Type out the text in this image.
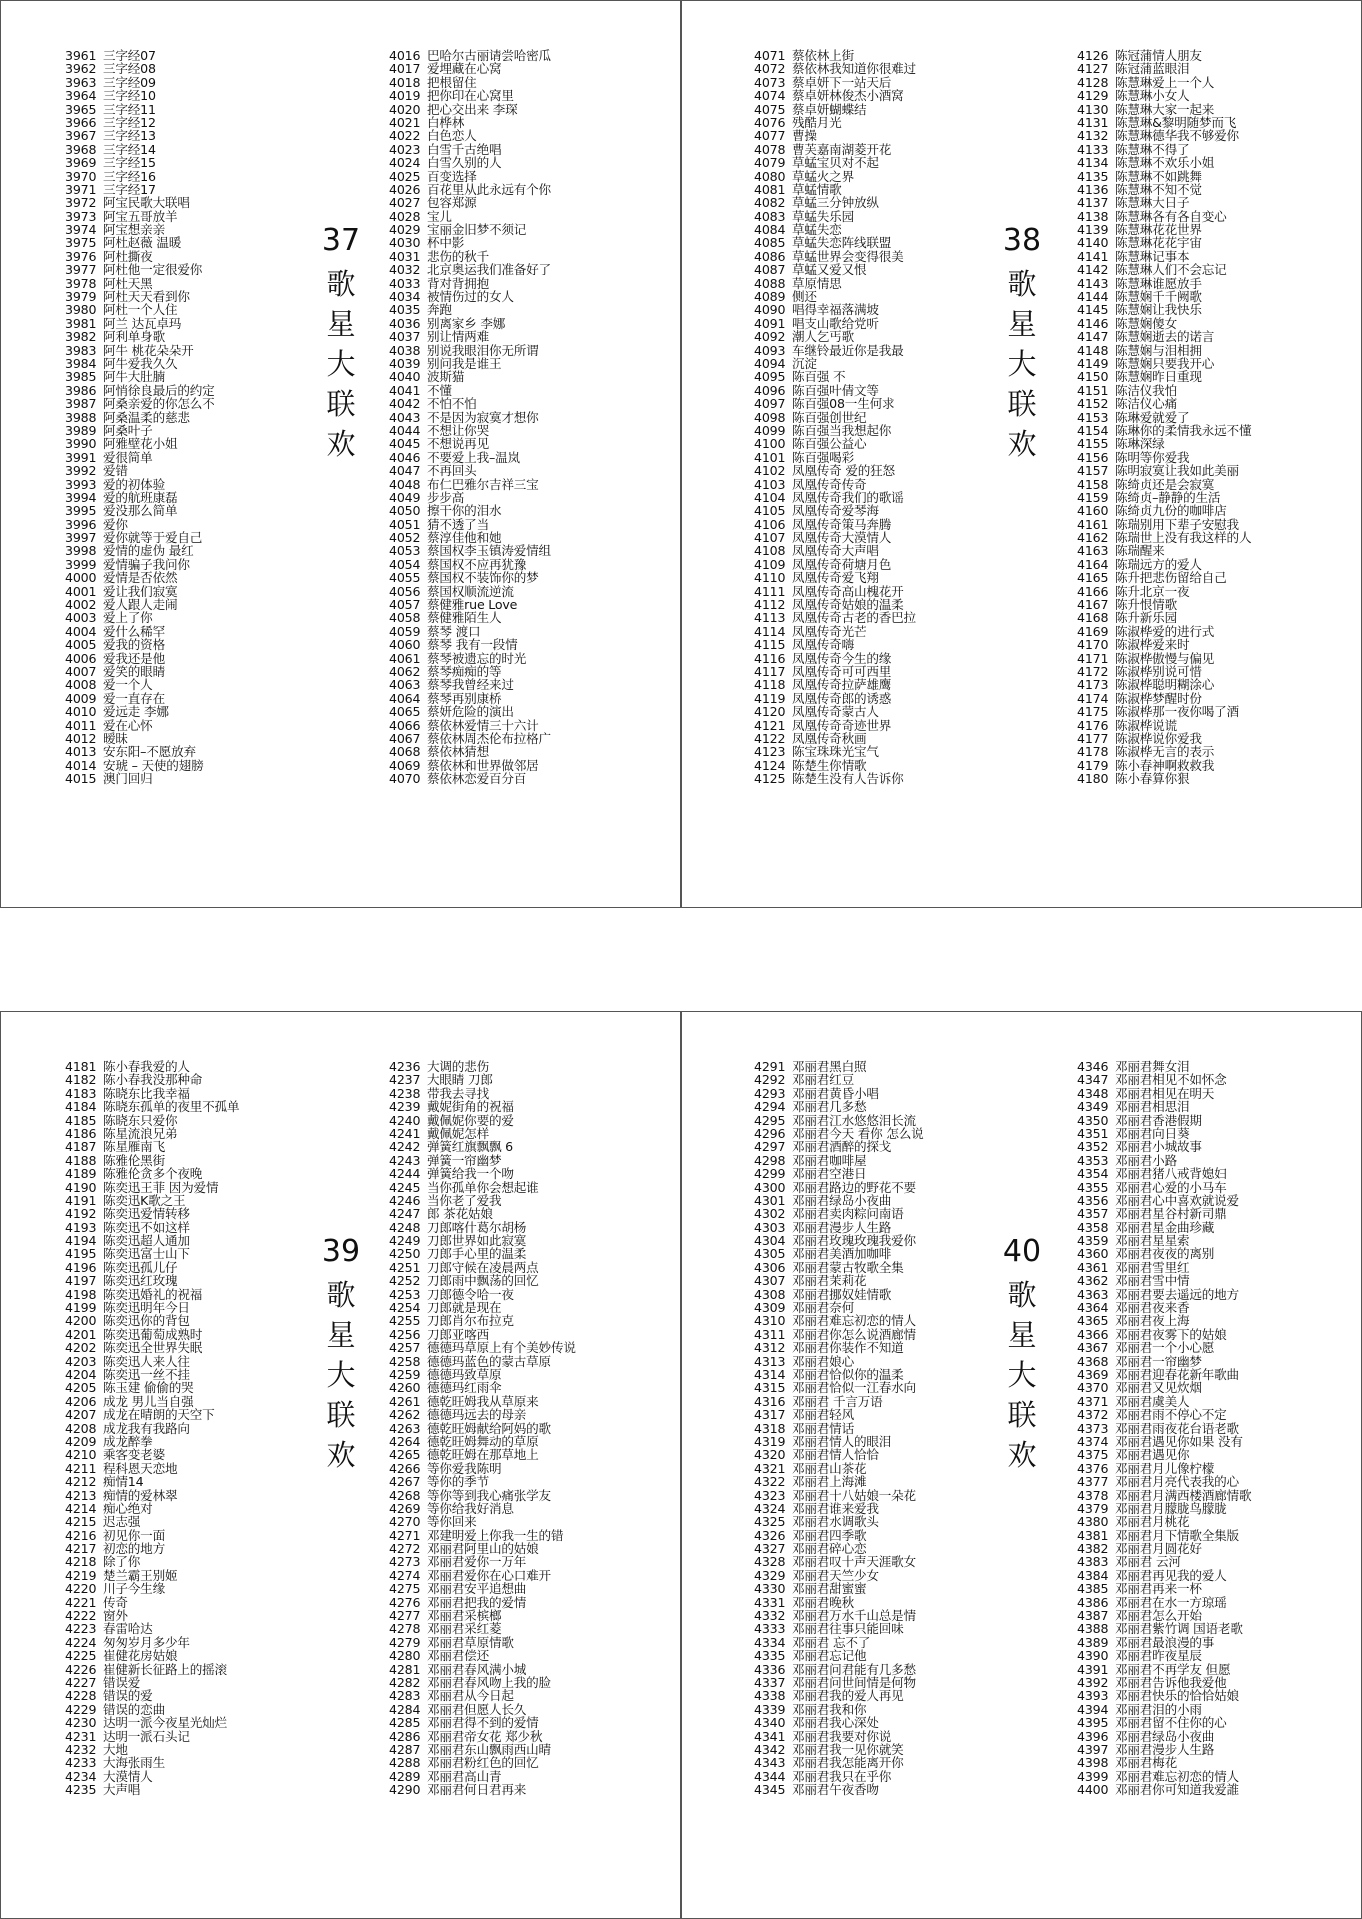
3961 三字经07
3962 三字经08
3963 三字经09
3964 三字经10
3965 三字经11
3966 三字经12
3967 三字经13
3968 三字经14
3969 三字经15
3970 三字经16
3971 三字经17
3972 阿宝民歌大联唱
3973 阿宝五哥放羊
3974 阿宝想亲亲
3975 阿杜赵薇 温暖
3976 阿杜撕夜
3977 阿杜他一定很爱你
3978 阿杜天黑
3979 阿杜天天看到你
3980 阿杜一个人住
3981 阿兰 达瓦卓玛
3982 阿利单身歌
3983 阿牛 桃花朵朵开
3984 阿牛爱我久久
3985 阿牛大肚腩
3986 阿悄徐良最后的约定
3987 阿桑亲爱的你怎么不
3988 阿桑温柔的慈悲
3989 阿桑叶子
3990 阿雅壁花小姐
3991 爱很简单
3992 爱错
3993 爱的初体验
3994 爱的航班康磊
3995 爱没那么简单
3996 爱你
3997 爱你就等于爱自己
3998 爱情的虚伪 最红
3999 爱情骗子我问你
4000 爱情是否依然
4001 爱让我们寂寞
4002 爱人跟人走闹
4003 爱上了你
4004 爱什么稀罕
4005 爱我的资格
4006 爱我还是他
4007 爱笑的眼睛
4008 爱一个人
4009 爱一直存在
4010 爱远走 李娜
4011 爱在心怀
4012 暧昧
4013 安东阳–不愿放弃
4014 安琥 – 天使的翅膀
4015 澳门回归
4016 巴哈尔古丽请尝哈密瓜
4017 爱埋藏在心窝
4018 把根留住
4019 把你印在心窝里
4020 把心交出来 李琛
4021 白桦林
4022 白色恋人
4023 白雪千古绝唱
4024 白雪久别的人
4025 百变选择
4026 百花里从此永远有个你
4027 包容郑源
4028 宝儿
4029 宝丽金旧梦不须记
4030 杯中影
4031 悲伤的秋千
4032 北京奥运我们准备好了
4033 背对背拥抱
4034 被情伤过的女人
4035 奔跑
4036 别离家乡 李娜
4037 别让情两难
4038 别说我眼泪你无所谓
4039 别问我是谁王
4040 波斯猫
4041 不懂
4042 不怕不怕
4043 不是因为寂寞才想你
4044 不想让你哭
4045 不想说再见
4046 不要爱上我–温岚
4047 不再回头
4048 布仁巴雅尔吉祥三宝
4049 步步高
4050 擦干你的泪水
4051 猜不透了当
4052 蔡淳佳他和她
4053 蔡国权李玉镇涛爱情组
4054 蔡国权不应再犹豫
4055 蔡国权不装饰你的梦
4056 蔡国权顺流逆流
4057 蔡健雅rue Love
4058 蔡健雅陌生人
4059 蔡琴 渡口
4060 蔡琴 我有一段情
4061 蔡琴被遗忘的时光
4062 蔡琴痴痴的等
4063 蔡琴我曾经来过
4064 蔡琴再别康桥
4065 蔡妍危险的演出
4066 蔡依林爱情三十六计
4067 蔡依林周杰伦布拉格广
4068 蔡依林猜想
4069 蔡依林和世界做邻居
4070 蔡依林恋爱百分百
37
歌
星
大
联
欢
4071 蔡依林上街
4072 蔡依林我知道你很难过
4073 蔡卓妍下一站天后
4074 蔡卓妍林俊杰小酒窝
4075 蔡卓妍蝴蝶结
4076 残酷月光
4077 曹操
4078 曹芙嘉南湖菱开花
4079 草蜢宝贝对不起
4080 草蜢火之界
4081 草蜢情歌
4082 草蜢三分钟放纵
4083 草蜢失乐园
4084 草蜢失恋
4085 草蜢失恋阵线联盟
4086 草蜢世界会变得很美
4087 草蜢又爱又恨
4088 草原情思
4089 侧还
4090 唱得幸福落满坡
4091 唱支山歌给党听
4092 潮人乞丐歌
4093 车继铃最近你是我最
4094 沉淀
4095 陈百强 不
4096 陈百强叶倩文等
4097 陈百强08一生何求
4098 陈百强创世纪
4099 陈百强当我想起你
4100 陈百强公益心
4101 陈百强喝彩
4102 凤凰传奇 爱的狂怒
4103 凤凰传奇传奇
4104 凤凰传奇我们的歌谣
4105 凤凰传奇爱琴海
4106 凤凰传奇策马奔腾
4107 凤凰传奇大漠情人
4108 凤凰传奇大声唱
4109 凤凰传奇荷塘月色
4110 凤凰传奇爱飞翔
4111 凤凰传奇高山槐花开
4112 凤凰传奇姑娘的温柔
4113 凤凰传奇古老的香巴拉
4114 凤凰传奇光芒
4115 凤凰传奇嗨
4116 凤凰传奇今生的缘
4117 凤凰传奇可可西里
4118 凤凰传奇拉萨雄鹰
4119 凤凰传奇郎的诱惑
4120 凤凰传奇蒙古人
4121 凤凰传奇奇迹世界
4122 凤凰传奇秋画
4123 陈宝珠珠光宝气
4124 陈楚生你情歌
4125 陈楚生没有人告诉你
4126 陈冠蒲情人朋友
4127 陈冠蒲蓝眼泪
4128 陈慧琳爱上一个人
4129 陈慧琳小女人
4130 陈慧琳大家一起来
4131 陈慧琳&黎明随梦而飞
4132 陈慧琳德华我不够爱你
4133 陈慧琳不得了
4134 陈慧琳不欢乐小姐
4135 陈慧琳不如跳舞
4136 陈慧琳不知不觉
4137 陈慧琳大日子
4138 陈慧琳各有各自变心
4139 陈慧琳花花世界
4140 陈慧琳花花宇宙
4141 陈慧琳记事本
4142 陈慧琳人们不会忘记
4143 陈慧琳谁愿放手
4144 陈慧娴千千阙歌
4145 陈慧娴让我快乐
4146 陈慧娴傻女
4147 陈慧娴逝去的诺言
4148 陈慧娴与泪相拥
4149 陈慧娴只要我开心
4150 陈慧娴昨日重现
4151 陈洁仪我怕
4152 陈洁仪心痛
4153 陈琳爱就爱了
4154 陈琳你的柔情我永远不懂
4155 陈琳深绿
4156 陈明等你爱我
4157 陈明寂寞让我如此美丽
4158 陈绮贞还是会寂寞
4159 陈绮贞–静静的生活
4160 陈绮贞九份的咖啡店
4161 陈瑞别用下辈子安慰我
4162 陈瑞世上没有我这样的人
4163 陈瑞醒来
4164 陈瑞远方的爱人
4165 陈升把悲伤留给自己
4166 陈升北京一夜
4167 陈升恨情歌
4168 陈升新乐园
4169 陈淑桦爱的进行式
4170 陈淑桦爱来时
4171 陈淑桦傲慢与偏见
4172 陈淑桦别说可惜
4173 陈淑桦聪明糊涂心
4174 陈淑桦梦醒时份
4175 陈淑桦那一夜你喝了酒
4176 陈淑桦说谎
4177 陈淑桦说你爱我
4178 陈淑桦无言的表示
4179 陈小春神啊救救我
4180 陈小春算你狠
38
歌
星
大
联
欢
4181 陈小春我爱的人
4182 陈小春我没那种命
4183 陈晓东比我幸福
4184 陈晓东孤单的夜里不孤单
4185 陈晓东只爱你
4186 陈星流浪兄弟
4187 陈星雁南飞
4188 陈雅伦黑街
4189 陈雅伦贪多个夜晚
4190 陈奕迅王菲 因为爱情
4191 陈奕迅K歌之王
4192 陈奕迅爱情转移
4193 陈奕迅不如这样
4194 陈奕迅超人通加
4195 陈奕迅富士山下
4196 陈奕迅孤儿仔
4197 陈奕迅红玫瑰
4198 陈奕迅婚礼的祝福
4199 陈奕迅明年今日
4200 陈奕迅你的背包
4201 陈奕迅葡萄成熟时
4202 陈奕迅全世界失眠
4203 陈奕迅人来人往
4204 陈奕迅一丝不挂
4205 陈玉建 偷偷的哭
4206 成龙 男儿当自强
4207 成龙在晴朗的天空下
4208 成龙我有我路向
4209 成龙醉拳
4210 乘客变老婆
4211 程科恩天恋地
4212 痴情14
4213 痴情的爱林翠
4214 痴心绝对
4215 迟志强
4216 初见你一面
4217 初恋的地方
4218 除了你
4219 楚兰霸王别姬
4220 川子今生缘
4221 传奇
4222 窗外
4223 春雷哈达
4224 匆匆岁月多少年
4225 崔健花房姑娘
4226 崔健新长征路上的摇滚
4227 错误爱
4228 错误的爱
4229 错误的恋曲
4230 达明一派今夜星光灿烂
4231 达明一派石头记
4232 大地
4233 大海张雨生
4234 大漠情人
4235 大声唱
4236 大调的悲伤
4237 大眼睛 刀郎
4238 带我去寻找
4239 戴妮街角的祝福
4240 戴佩妮你要的爱
4241 戴佩妮怎样
4242 弹簧红旗飘飘 6
4243 弹簧一帘幽梦
4244 弹簧给我一个吻
4245 当你孤单你会想起谁
4246 当你老了爱我
4247 郎 茶花姑娘
4248 刀郎喀什葛尔胡杨
4249 刀郎世界如此寂寞
4250 刀郎手心里的温柔
4251 刀郎守候在凌晨两点
4252 刀郎雨中飘荡的回忆
4253 刀郎德令哈一夜
4254 刀郎就是现在
4255 刀郎肖尔布拉克
4256 刀郎亚喀西
4257 德德玛草原上有个美妙传说
4258 德德玛蓝色的蒙古草原
4259 德德玛致草原
4260 德德玛红雨伞
4261 德乾旺姆我从草原来
4262 德德玛远去的母亲
4263 德乾旺姆献给阿妈的歌
4264 德乾旺姆舞动的草原
4265 德乾旺姆在那草地上
4266 等你爱我陈明
4267 等你的季节
4268 等你等到我心痛张学友
4269 等你给我好消息
4270 等你回来
4271 邓建明爱上你我一生的错
4272 邓丽君阿里山的姑娘
4273 邓丽君爱你一万年
4274 邓丽君爱你在心口难开
4275 邓丽君安平追想曲
4276 邓丽君把我的爱情
4277 邓丽君采槟榔
4278 邓丽君采红菱
4279 邓丽君草原情歌
4280 邓丽君偿还
4281 邓丽君春风满小城
4282 邓丽君春风吻上我的脸
4283 邓丽君从今日起
4284 邓丽君但愿人长久
4285 邓丽君得不到的爱情
4286 邓丽君帝女花 郑少秋
4287 邓丽君东山飘雨西山晴
4288 邓丽君粉红色的回忆
4289 邓丽君高山青
4290 邓丽君何日君再来
39
歌
星
大
联
欢
4291 邓丽君黑白照
4292 邓丽君红豆
4293 邓丽君黄昏小唱
4294 邓丽君几多愁
4295 邓丽君江水悠悠泪长流
4296 邓丽君今天 看你 怎么说
4297 邓丽君酒醉的探戈
4298 邓丽君咖啡屋
4299 邓丽君空港日
4300 邓丽君路边的野花不要
4301 邓丽君绿岛小夜曲
4302 邓丽君卖肉粽问南语
4303 邓丽君漫步人生路
4304 邓丽君玫瑰玫瑰我爱你
4305 邓丽君美酒加咖啡
4306 邓丽君蒙古牧歌全集
4307 邓丽君茉莉花
4308 邓丽君挪奴娃情歌
4309 邓丽君奈何
4310 邓丽君难忘初恋的情人
4311 邓丽君你怎么说酒廊情
4312 邓丽君你装作不知道
4313 邓丽君娘心
4314 邓丽君恰似你的温柔
4315 邓丽君恰似一江春水向
4316 邓丽君 千言万语
4317 邓丽君轻风
4318 邓丽君情话
4319 邓丽君情人的眼泪
4320 邓丽君情人恰恰
4321 邓丽君山茶花
4322 邓丽君上海滩
4323 邓丽君十八姑娘一朵花
4324 邓丽君谁来爱我
4325 邓丽君水调歌头
4326 邓丽君四季歌
4327 邓丽君碎心恋
4328 邓丽君叹十声天涯歌女
4329 邓丽君天竺少女
4330 邓丽君甜蜜蜜
4331 邓丽君晚秋
4332 邓丽君万水千山总是情
4333 邓丽君往事只能回味
4334 邓丽君 忘不了
4335 邓丽君忘记他
4336 邓丽君问君能有几多愁
4337 邓丽君问世间情是何物
4338 邓丽君我的爱人再见
4339 邓丽君我和你
4340 邓丽君我心深处
4341 邓丽君我要对你说
4342 邓丽君我一见你就笑
4343 邓丽君我怎能离开你
4344 邓丽君我只在乎你
4345 邓丽君午夜香吻
4346 邓丽君舞女泪
4347 邓丽君相见不如怀念
4348 邓丽君相见在明天
4349 邓丽君相思泪
4350 邓丽君香港假期
4351 邓丽君向日葵
4352 邓丽君小城故事
4353 邓丽君小路
4354 邓丽君猪八戒背媳妇
4355 邓丽君心爱的小马车
4356 邓丽君心中喜欢就说爱
4357 邓丽君星谷村新司鼎
4358 邓丽君星金曲珍藏
4359 邓丽君星星索
4360 邓丽君夜夜的离别
4361 邓丽君雪里红
4362 邓丽君雪中情
4363 邓丽君要去遥远的地方
4364 邓丽君夜来香
4365 邓丽君夜上海
4366 邓丽君夜雾下的姑娘
4367 邓丽君一个小心愿
4368 邓丽君一帘幽梦
4369 邓丽君迎春花新年歌曲
4370 邓丽君又见炊烟
4371 邓丽君虞美人
4372 邓丽君雨不停心不定
4373 邓丽君雨夜花台语老歌
4374 邓丽君遇见你如果 没有
4375 邓丽君遇见你
4376 邓丽君月儿像柠檬
4377 邓丽君月亮代表我的心
4378 邓丽君月满西楼酒廊情歌
4379 邓丽君月朦胧鸟朦胧
4380 邓丽君月桃花
4381 邓丽君月下情歌全集版
4382 邓丽君月圆花好
4383 邓丽君 云河
4384 邓丽君再见我的爱人
4385 邓丽君再来一杯
4386 邓丽君在水一方琼瑶
4387 邓丽君怎么开始
4388 邓丽君紫竹调 国语老歌
4389 邓丽君最浪漫的事
4390 邓丽君昨夜星辰
4391 邓丽君不再学友 但愿
4392 邓丽君告诉他我爱他
4393 邓丽君快乐的恰恰姑娘
4394 邓丽君泪的小雨
4395 邓丽君留不住你的心
4396 邓丽君绿岛小夜曲
4397 邓丽君漫步人生路
4398 邓丽君梅花
4399 邓丽君难忘初恋的情人
4400 邓丽君你可知道我爱誰
40
歌
星
大
联
欢
